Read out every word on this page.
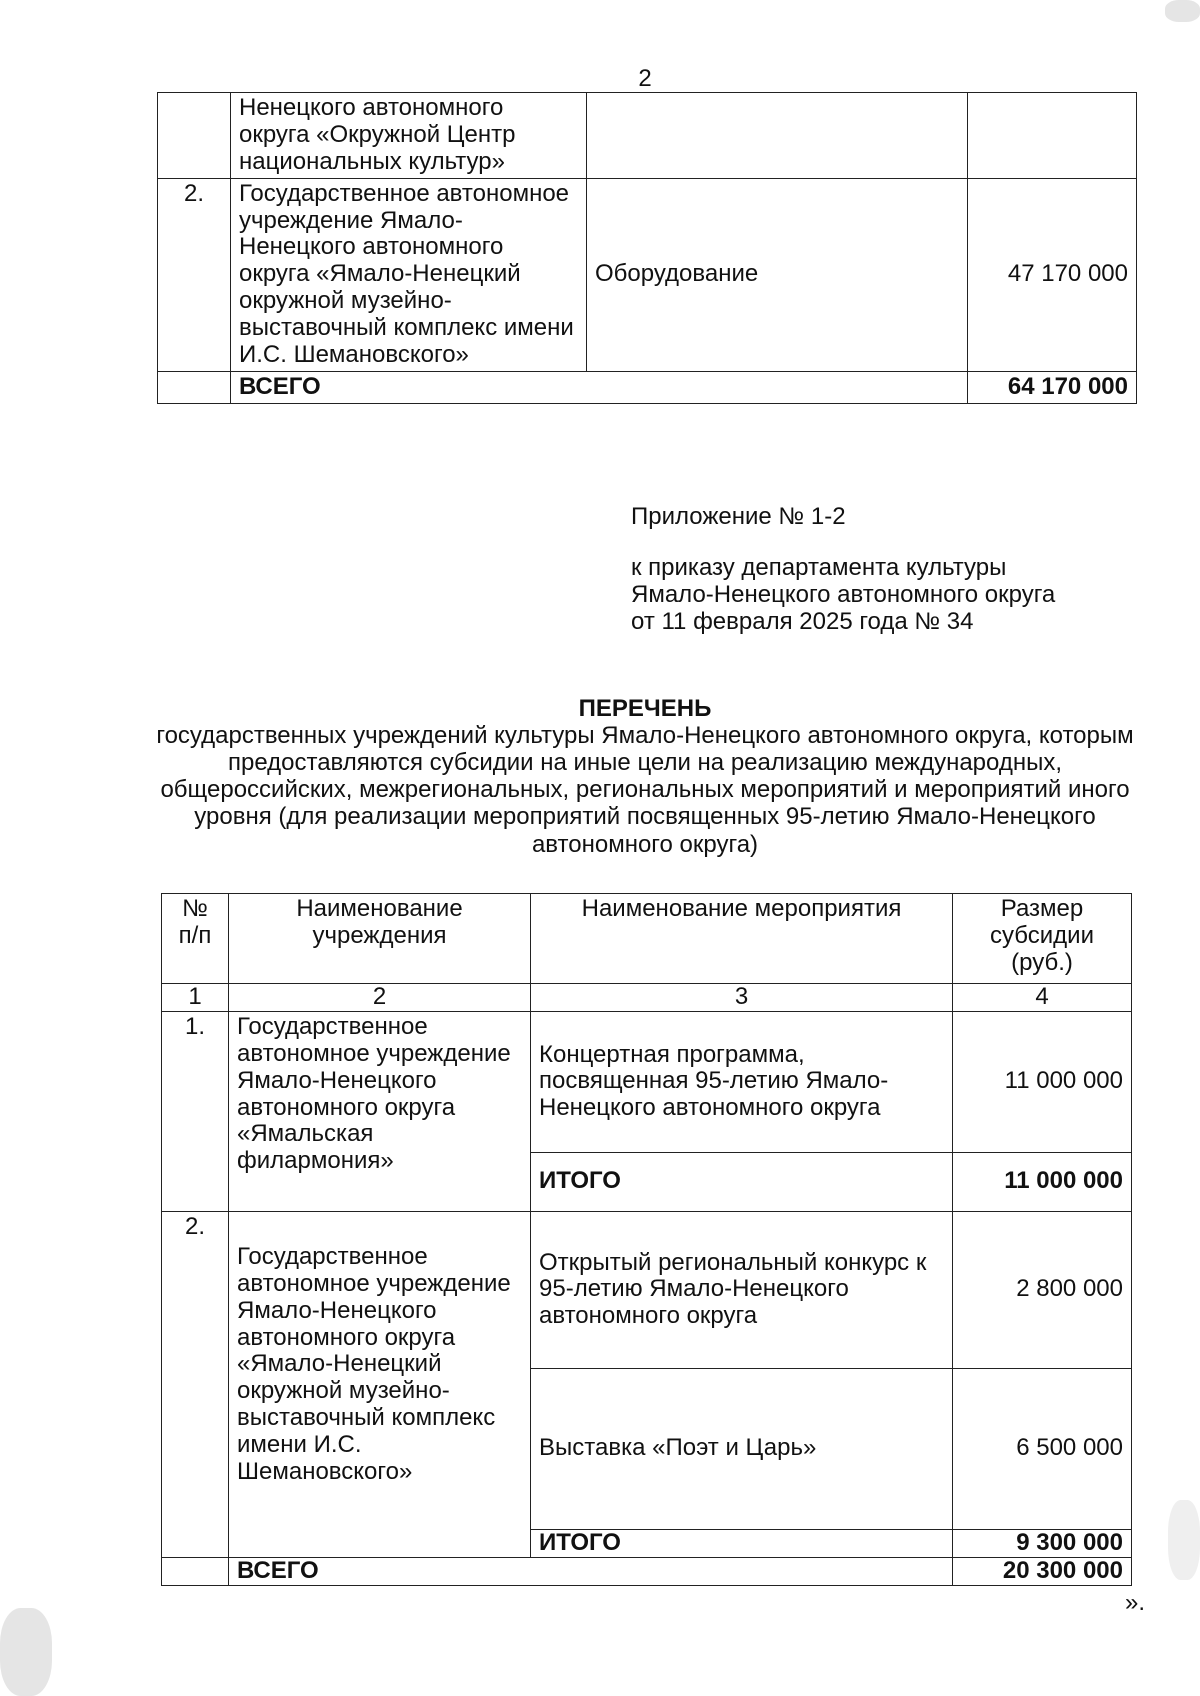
2
	Ненецкого автономного округа «Окружной Центр национальных культур»		
2.	Государственное автономное учреждение Ямало-Ненецкого автономного округа «Ямало-Ненецкий окружной музейно-выставочный комплекс имени И.С. Шемановского»	Оборудование	47 170 000
	ВСЕГО		64 170 000
Приложение № 1-2
к приказу департамента культуры
Ямало-Ненецкого автономного округа
от 11 февраля 2025 года № 34
ПЕРЕЧЕНЬ
государственных учреждений культуры Ямало-Ненецкого автономного округа, которым предоставляются субсидии на иные цели на реализацию международных, общероссийских, межрегиональных, региональных мероприятий и мероприятий иного уровня (для реализации мероприятий посвященных 95-летию Ямало-Ненецкого автономного округа)
№ п/п	Наименование учреждения	Наименование мероприятия	Размер субсидии (руб.)
1	2	3	4
1.	Государственное автономное учреждение Ямало-Ненецкого автономного округа «Ямальская филармония»	Концертная программа, посвященная 95-летию Ямало-Ненецкого автономного округа	11 000 000
		ИТОГО	11 000 000
2.	Государственное автономное учреждение Ямало-Ненецкого автономного округа «Ямало-Ненецкий окружной музейно-выставочный комплекс имени И.С. Шемановского»	Открытый региональный конкурс к 95-летию Ямало-Ненецкого автономного округа	2 800 000
		Выставка «Поэт и Царь»	6 500 000
		ИТОГО	9 300 000
	ВСЕГО		20 300 000
».
